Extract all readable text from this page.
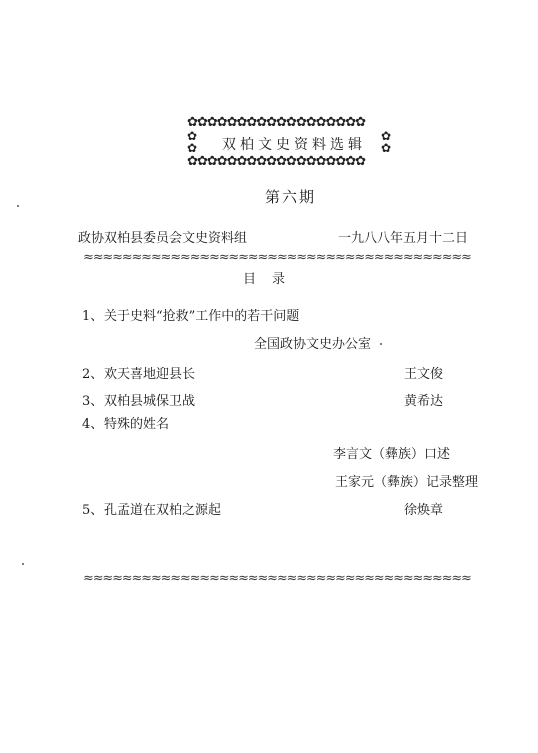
✿✿✿✿✿✿✿✿✿✿✿✿✿✿✿✿✿✿
✿
✿
✿
✿
双柏文史资料选辑
✿✿✿✿✿✿✿✿✿✿✿✿✿✿✿✿✿✿
第六期
政协双柏县委员会文史资料组	一九八八年五月十二日
≈≈≈≈≈≈≈≈≈≈≈≈≈≈≈≈≈≈≈≈≈≈≈≈≈≈≈≈≈≈≈≈≈≈≈≈≈≈≈≈
目录
1、 关于史料“抢救”工作中的若干问题
全国政协文史办公室
2、 欢天喜地迎县长	王文俊
3、 双柏县城保卫战	黄希达
4、 特殊的姓名
李言文（彝族）口述
王家元（彝族）记录整理
5、 孔孟道在双柏之源起	徐焕章
≈≈≈≈≈≈≈≈≈≈≈≈≈≈≈≈≈≈≈≈≈≈≈≈≈≈≈≈≈≈≈≈≈≈≈≈≈≈≈≈
